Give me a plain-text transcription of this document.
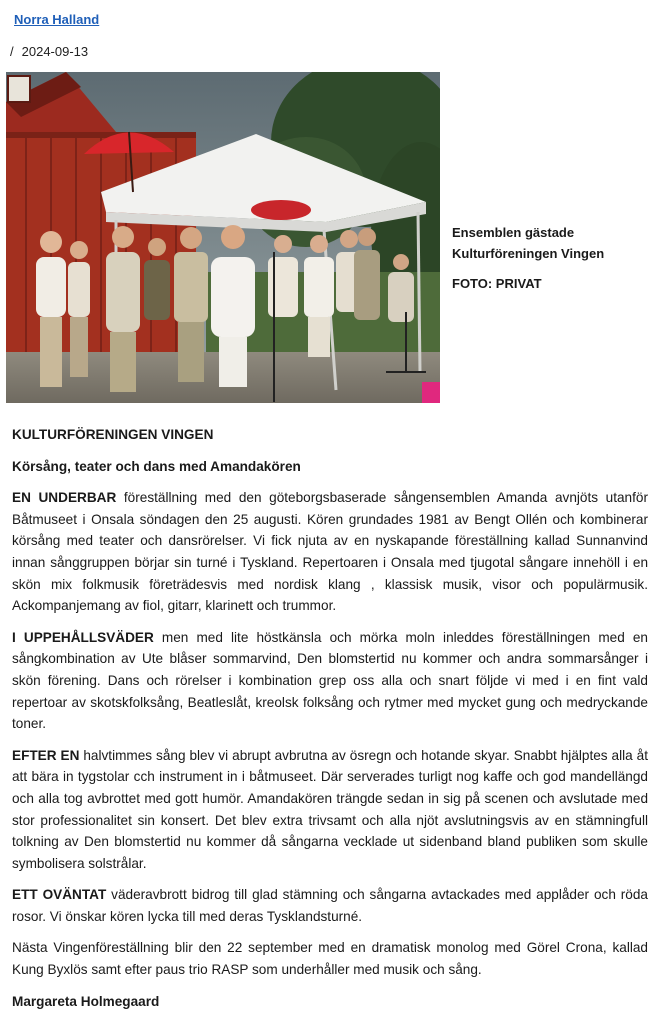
Norra Halland
/ 2024-09-13
Ensemblen gästade Kulturföreningen Vingen
FOTO: PRIVAT
KULTURFÖRENINGEN VINGEN
Körsång, teater och dans med Amandakören

EN UNDERBAR föreställning med den göteborgsbaserade sångensemblen Amanda avnjöts utanför Båtmuseet i Onsala söndagen den 25 augusti. Kören grundades 1981 av Bengt Ollén och kombinerar körsång med teater och dansrörelser. Vi fick njuta av en nyskapande föreställning kallad Sunnanvind innan sånggruppen börjar sin turné i Tyskland. Repertoaren i Onsala med tjugotal sångare innehöll i en skön mix folkmusik företrädesvis med nordisk klang , klassisk musik, visor och populärmusik. Ackompanjemang av fiol, gitarr, klarinett och trummor.

I UPPEHÅLLSVÄDER men med lite höstkänsla och mörka moln inleddes föreställningen med en sångkombination av Ute blåser sommarvind, Den blomstertid nu kommer och andra sommarsånger i skön förening. Dans och rörelser i kombination grep oss alla och snart följde vi med i en fint vald repertoar av skotskfolksång, Beatleslåt, kreolsk folksång och rytmer med mycket gung och medryckande toner.

EFTER EN halvtimmes sång blev vi abrupt avbrutna av ösregn och hotande skyar. Snabbt hjälptes alla åt att bära in tygstolar cch instrument in i båtmuseet. Där serverades turligt nog kaffe och god mandellängd och alla tog avbrottet med gott humör. Amandakören trängde sedan in sig på scenen och avslutade med stor professionalitet sin konsert. Det blev extra trivsamt och alla njöt avslutningsvis av en stämningfull tolkning av Den blomstertid nu kommer då sångarna vecklade ut sidenband bland publiken som skulle symbolisera solstrålar.

ETT OVÄNTAT väderavbrott bidrog till glad stämning och sångarna avtackades med applåder och röda rosor. Vi önskar kören lycka till med deras Tysklandsturné.

Nästa Vingenföreställning blir den 22 september med en dramatisk monolog med Görel Crona, kallad Kung Byxlös samt efter paus trio RASP som underhåller med musik och sång.

Margareta Holmegaard
